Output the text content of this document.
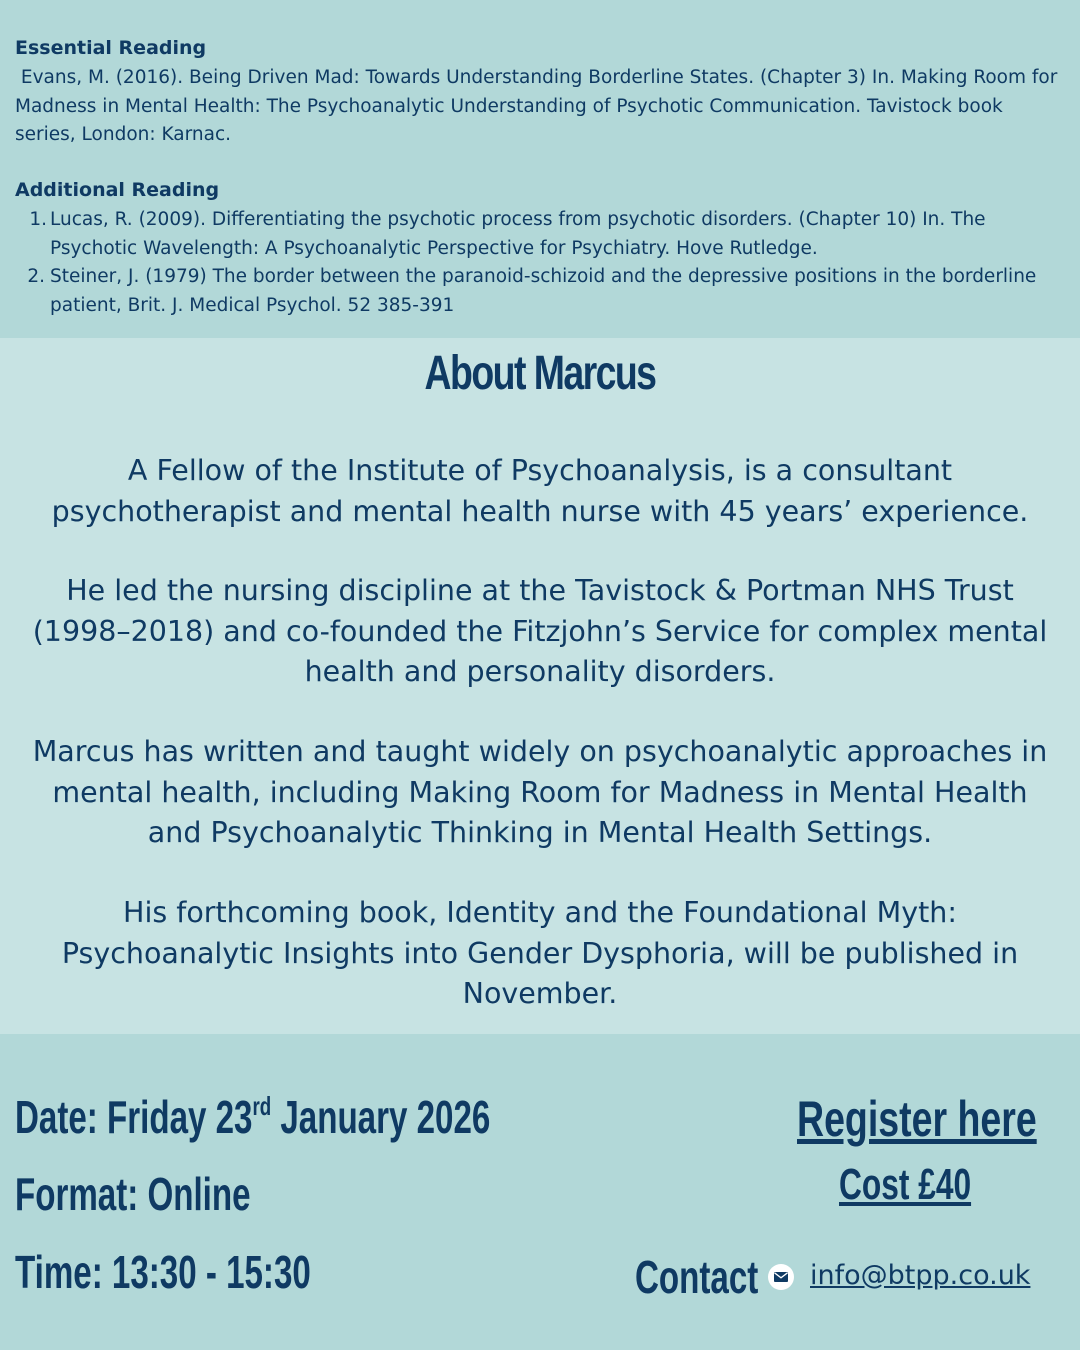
Essential Reading

Evans, M. (2016). Being Driven Mad: Towards Understanding Borderline States. (Chapter 3) In. Making Room for Madness in Mental Health: The Psychoanalytic Understanding of Psychotic Communication. Tavistock book series, London: Karnac.

Additional Reading
1. Lucas, R. (2009). Differentiating the psychotic process from psychotic disorders. (Chapter 10) In. The Psychotic Wavelength: A Psychoanalytic Perspective for Psychiatry. Hove Rutledge.
2. Steiner, J. (1979) The border between the paranoid-schizoid and the depressive positions in the borderline patient, Brit. J. Medical Psychol. 52 385-391
About Marcus

A Fellow of the Institute of Psychoanalysis, is a consultant psychotherapist and mental health nurse with 45 years’ experience.

He led the nursing discipline at the Tavistock & Portman NHS Trust (1998–2018) and co-founded the Fitzjohn’s Service for complex mental health and personality disorders.

Marcus has written and taught widely on psychoanalytic approaches in mental health, including Making Room for Madness in Mental Health and Psychoanalytic Thinking in Mental Health Settings.

His forthcoming book, Identity and the Foundational Myth: Psychoanalytic Insights into Gender Dysphoria, will be published in November.

Date: Friday 23rd January 2026
Format: Online
Time: 13:30 - 15:30
Register here
Cost £40
Contact info@btpp.co.uk
